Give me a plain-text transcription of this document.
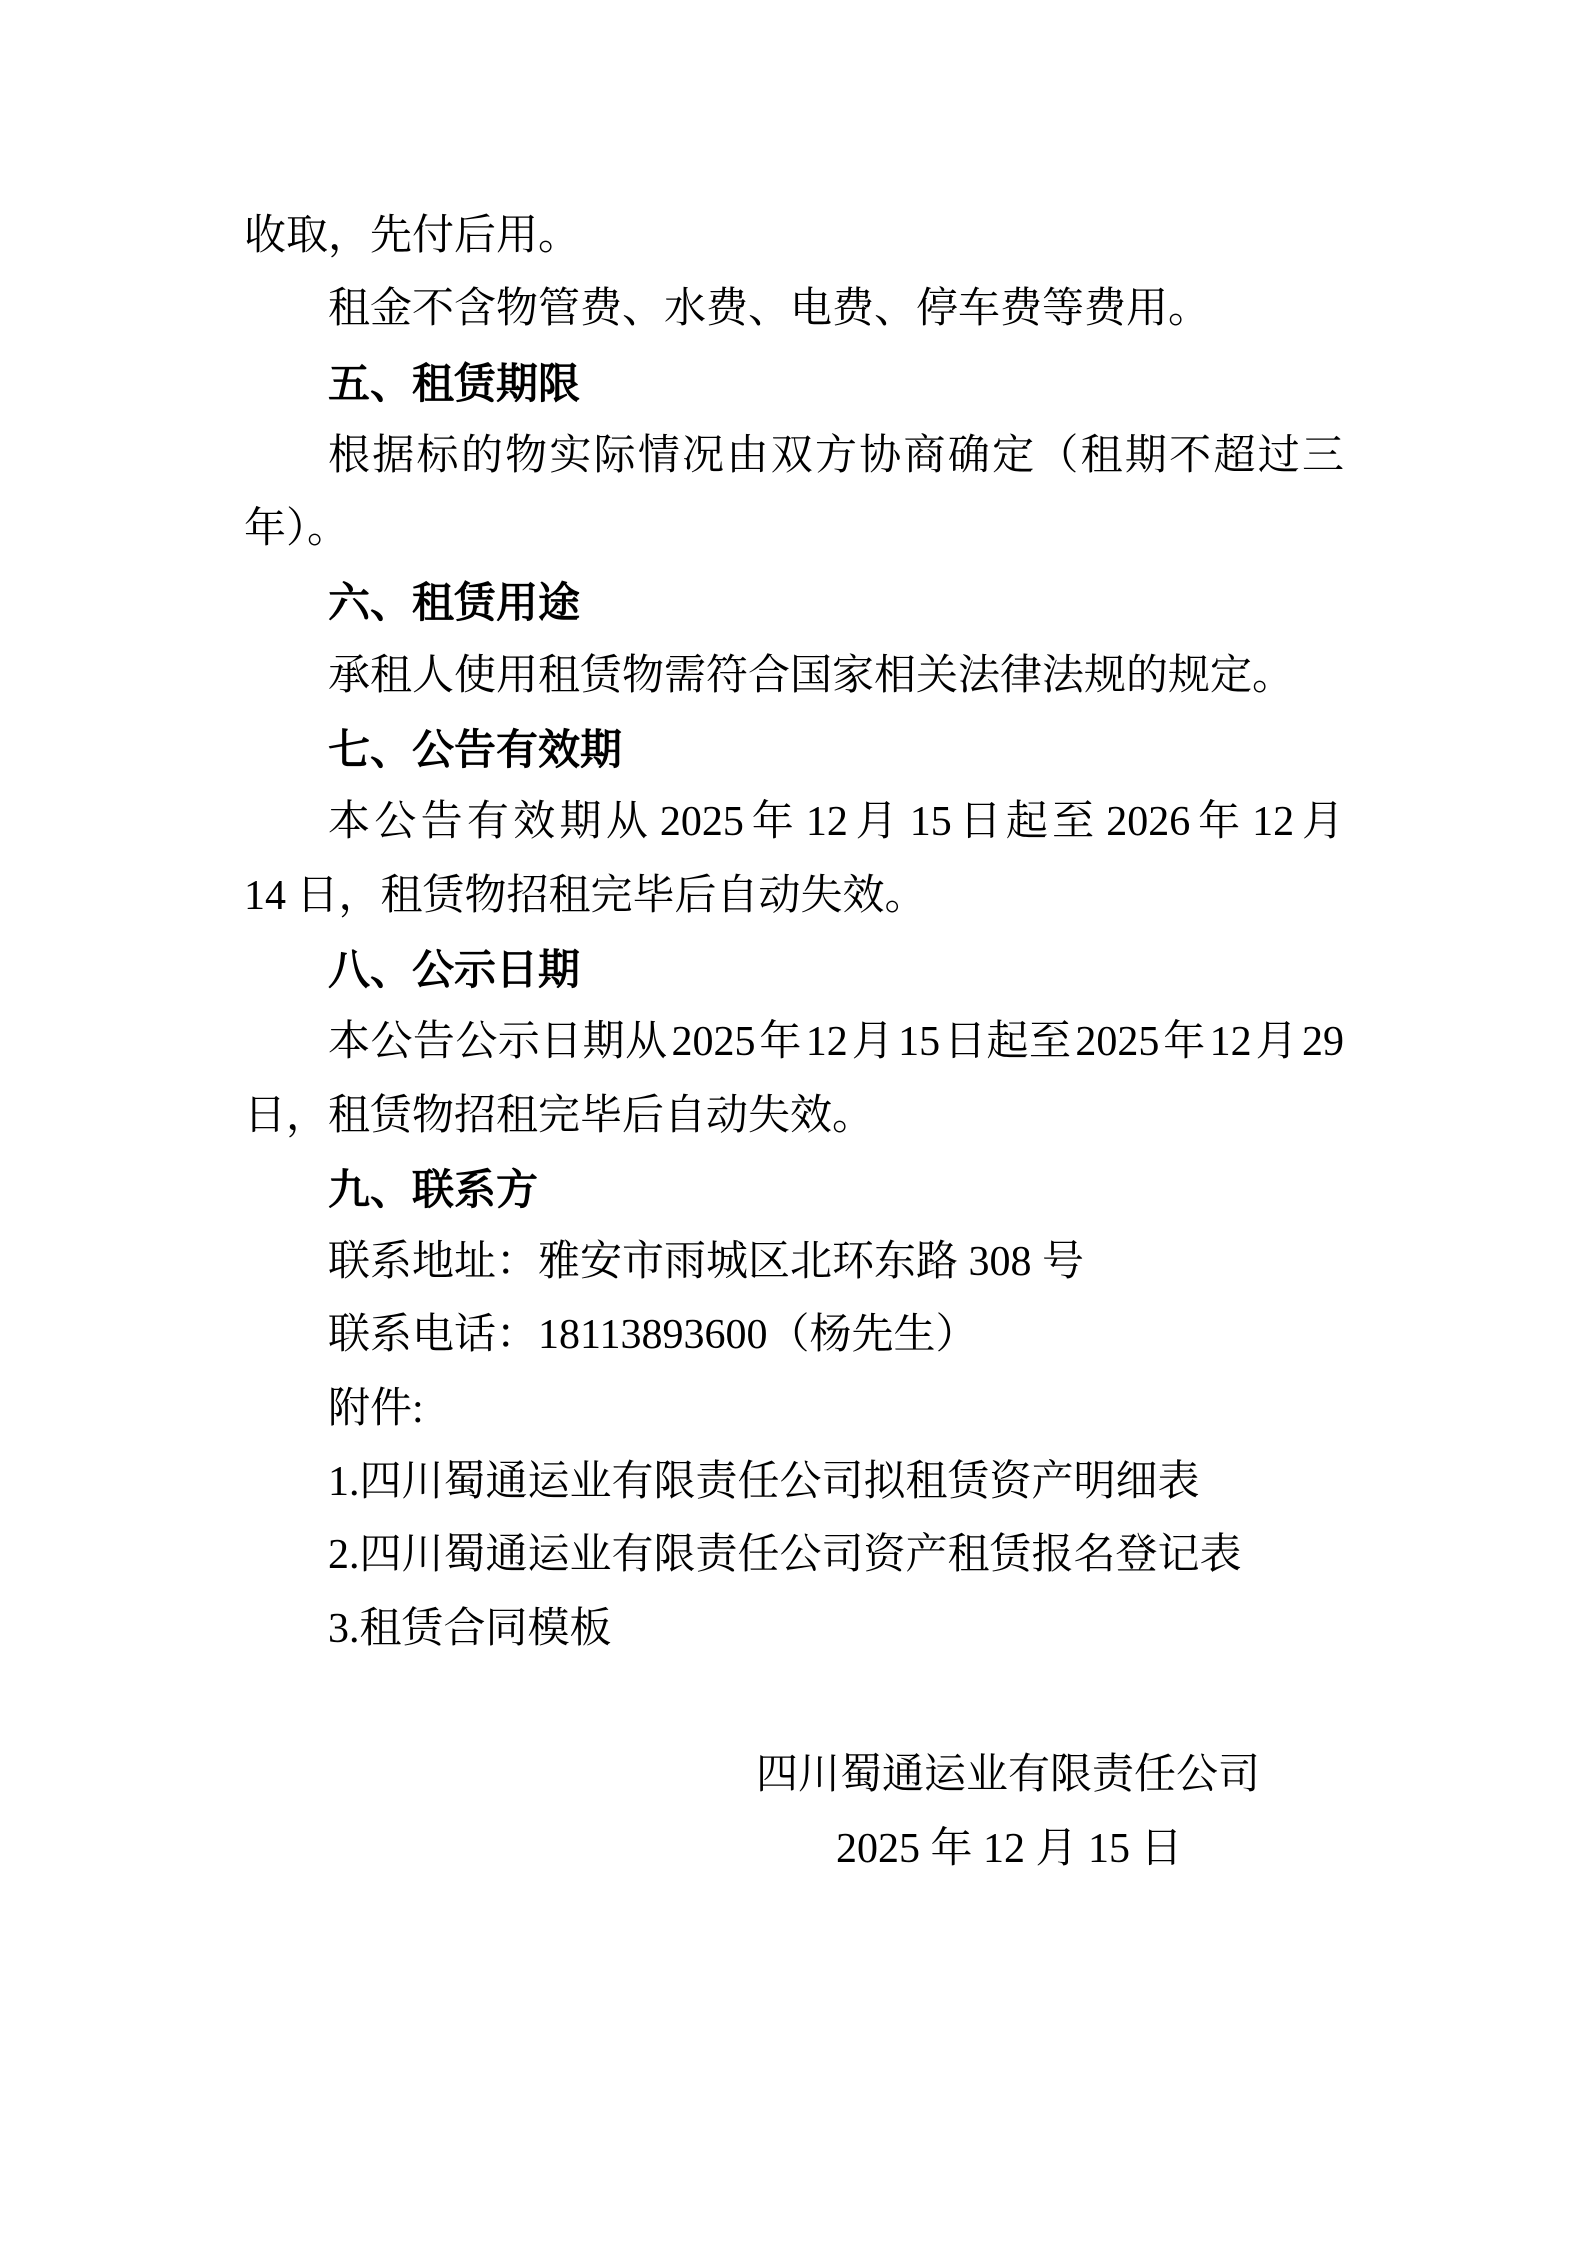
收取，先付后用。
租金不含物管费、水费、电费、停车费等费用。
五、租赁期限
根据标的物实际情况由双方协商确定（租期不超过三
年）。
六、租赁用途
承租人使用租赁物需符合国家相关法律法规的规定。
七、公告有效期
本公告有效期从 2025 年 12 月 15 日起至 2026 年 12 月
14 日，租赁物招租完毕后自动失效。
八、公示日期
本公告公示日期从 2025 年 12 月 15 日起至 2025 年 12 月 29
日，租赁物招租完毕后自动失效。
九、联系方
联系地址：雅安市雨城区北环东路 308 号
联系电话：18113893600（杨先生）
附件:
1.四川蜀通运业有限责任公司拟租赁资产明细表
2.四川蜀通运业有限责任公司资产租赁报名登记表
3.租赁合同模板
四川蜀通运业有限责任公司
2025 年 12 月 15 日
